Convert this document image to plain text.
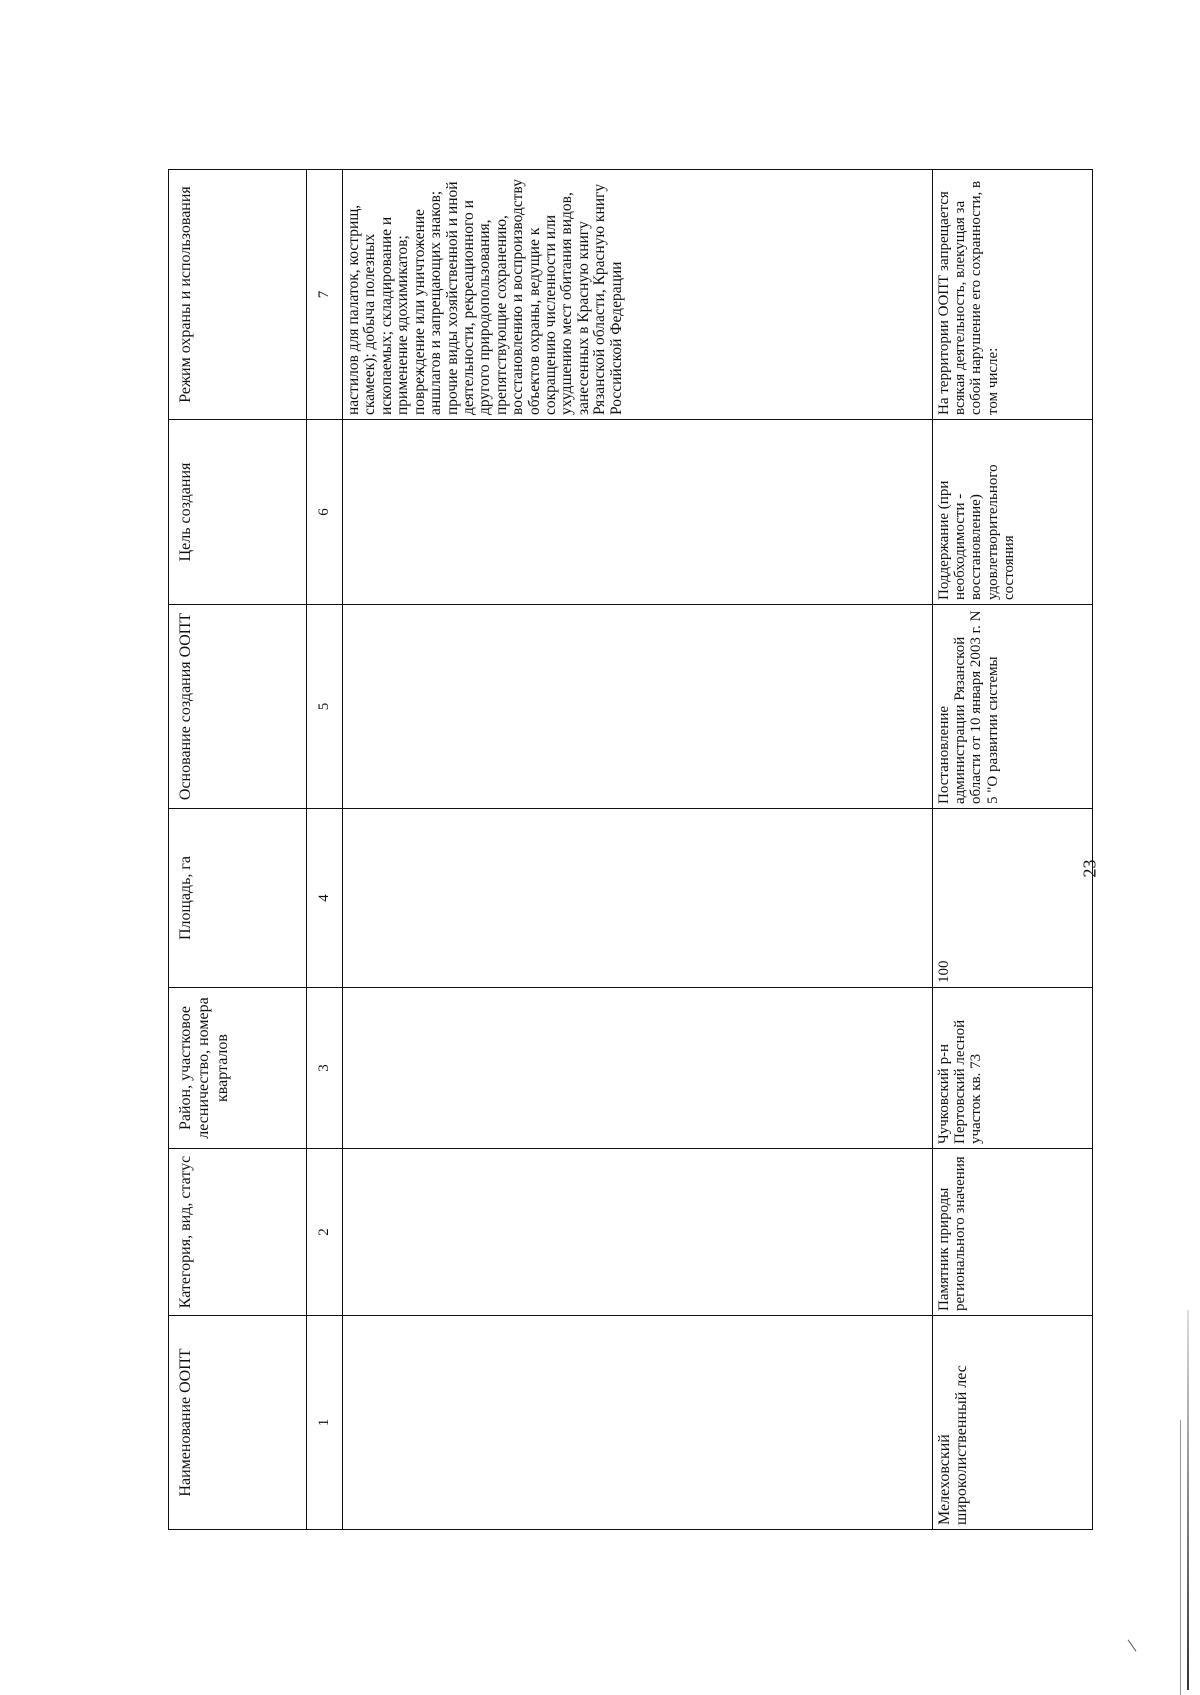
Наименование ООПТ	Категория, вид, статус	Район, участковое лесничество, номера кварталов	Площадь, га	Основание создания ООПТ	Цель создания	Режим охраны и использования
1	2	3	4	5	6	7
						настилов для палаток, кострищ, скамеек); добыча полезных ископаемых; складирование и применение ядохимикатов; повреждение или уничтожение аншлагов и запрещающих знаков; прочие виды хозяйственной и иной деятельности, рекреационного и другого природопользования, препятствующие сохранению, восстановлению и воспроизводству объектов охраны, ведущие к сокращению численности или ухудшению мест обитания видов, занесенных в Красную книгу Рязанской области, Красную книгу Российской Федерации
Мелеховский широколиственный лес	Памятник природы регионального значения	Чучковский р-н Пертовский лесной участок кв. 73	100	Постановление администрации Рязанской области от 10 января 2003 г. N 5 "О развитии системы	Поддержание (при необходимости - восстановление) удовлетворительного состояния	На территории ООПТ запрещается всякая деятельность, влекущая за собой нарушение его сохранности, в том числе:
23
